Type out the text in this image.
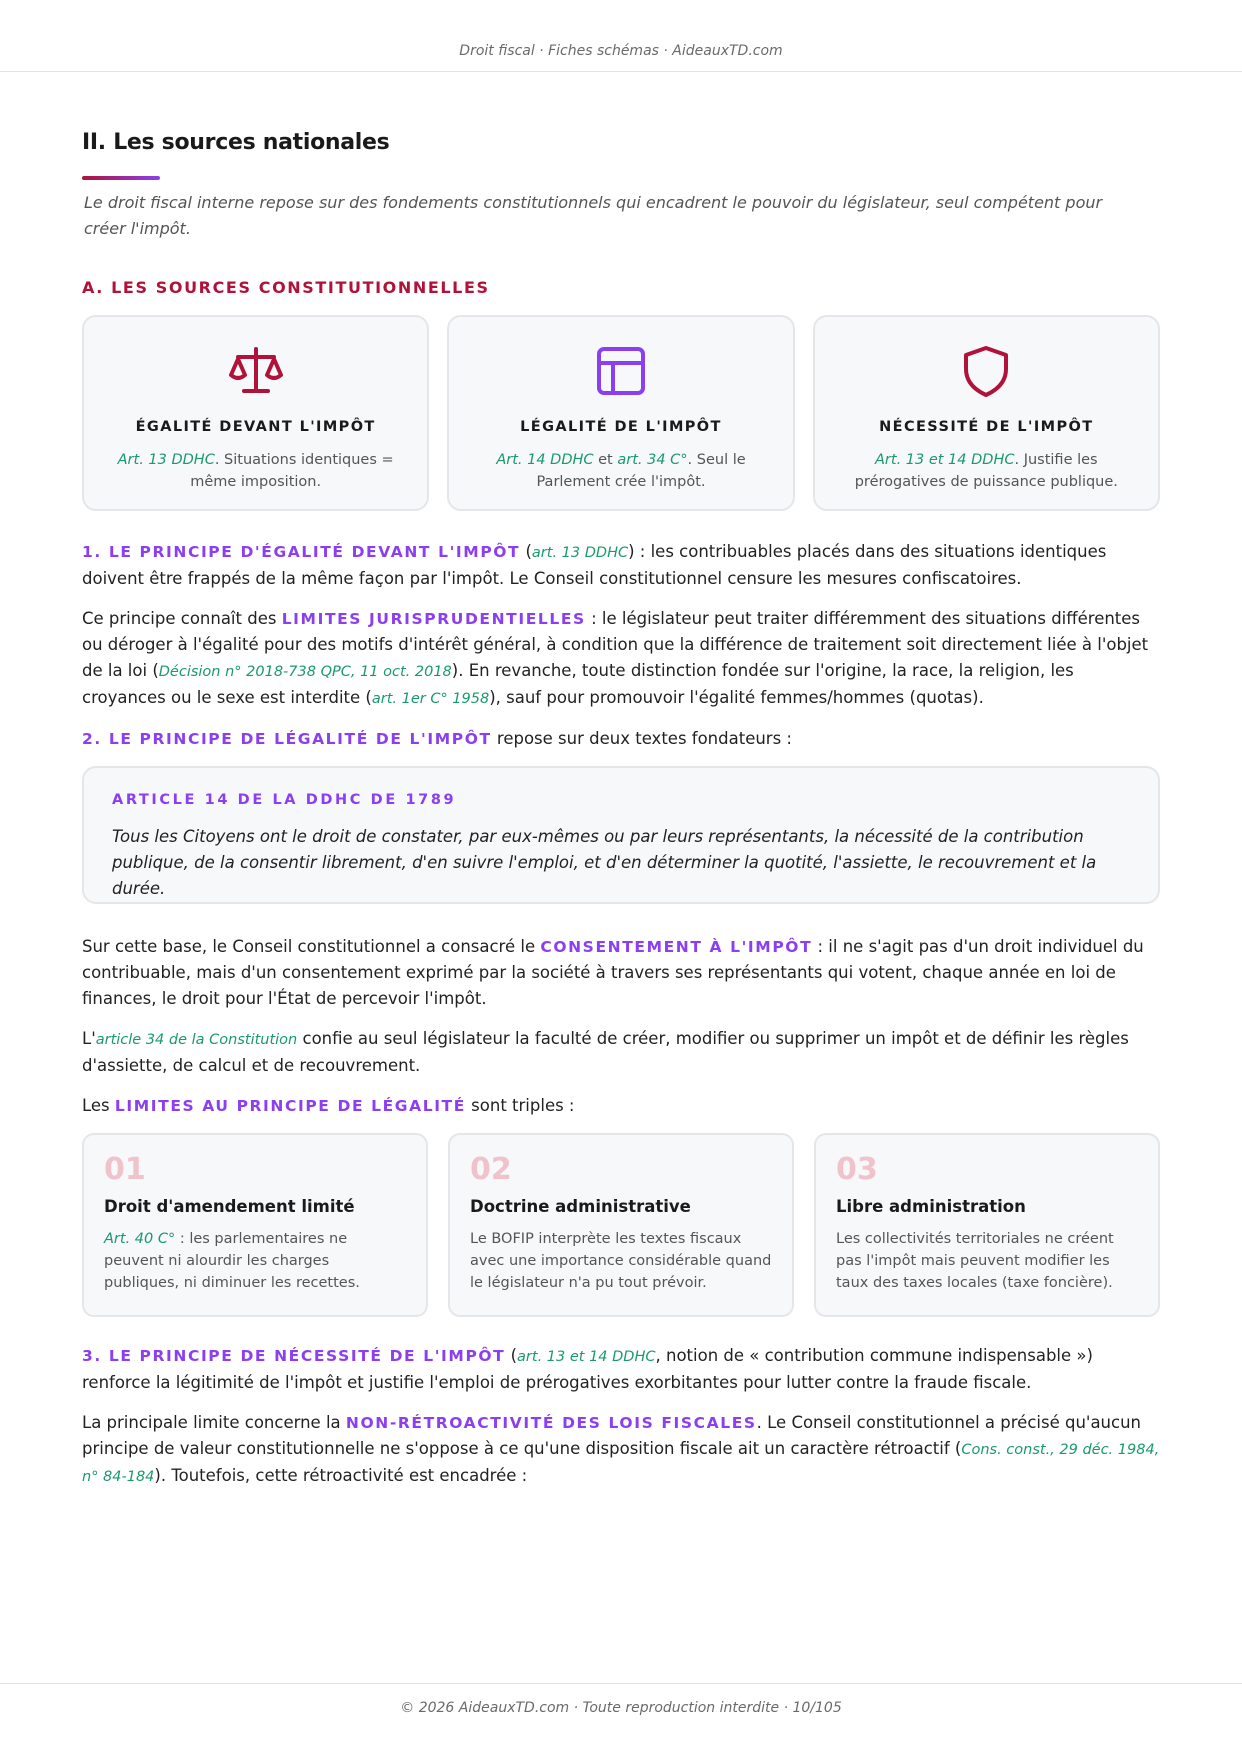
Droit fiscal · Fiches schémas · AideauxTD.com
II. Les sources nationales

Le droit fiscal interne repose sur des fondements constitutionnels qui encadrent le pouvoir du législateur, seul compétent pour créer l'impôt.

A. LES SOURCES CONSTITUTIONNELLES
ÉGALITÉ DEVANT L'IMPÔT
Art. 13 DDHC. Situations identiques = même imposition.
LÉGALITÉ DE L'IMPÔT
Art. 14 DDHC et art. 34 C°. Seul le Parlement crée l'impôt.
NÉCESSITÉ DE L'IMPÔT
Art. 13 et 14 DDHC. Justifie les prérogatives de puissance publique.

1. LE PRINCIPE D'ÉGALITÉ DEVANT L'IMPÔT (art. 13 DDHC) : les contribuables placés dans des situations identiques doivent être frappés de la même façon par l'impôt. Le Conseil constitutionnel censure les mesures confiscatoires.

Ce principe connaît des LIMITES JURISPRUDENTIELLES : le législateur peut traiter différemment des situations différentes ou déroger à l'égalité pour des motifs d'intérêt général, à condition que la différence de traitement soit directement liée à l'objet de la loi (Décision n° 2018-738 QPC, 11 oct. 2018). En revanche, toute distinction fondée sur l'origine, la race, la religion, les croyances ou le sexe est interdite (art. 1er C° 1958), sauf pour promouvoir l'égalité femmes/hommes (quotas).

2. LE PRINCIPE DE LÉGALITÉ DE L'IMPÔT repose sur deux textes fondateurs :

ARTICLE 14 DE LA DDHC DE 1789
Tous les Citoyens ont le droit de constater, par eux-mêmes ou par leurs représentants, la nécessité de la contribution publique, de la consentir librement, d'en suivre l'emploi, et d'en déterminer la quotité, l'assiette, le recouvrement et la durée.

Sur cette base, le Conseil constitutionnel a consacré le CONSENTEMENT À L'IMPÔT : il ne s'agit pas d'un droit individuel du contribuable, mais d'un consentement exprimé par la société à travers ses représentants qui votent, chaque année en loi de finances, le droit pour l'État de percevoir l'impôt.

L'article 34 de la Constitution confie au seul législateur la faculté de créer, modifier ou supprimer un impôt et de définir les règles d'assiette, de calcul et de recouvrement.

Les LIMITES AU PRINCIPE DE LÉGALITÉ sont triples :

01
Droit d'amendement limité
Art. 40 C° : les parlementaires ne peuvent ni alourdir les charges publiques, ni diminuer les recettes.
02
Doctrine administrative
Le BOFIP interprète les textes fiscaux avec une importance considérable quand le législateur n'a pu tout prévoir.
03
Libre administration
Les collectivités territoriales ne créent pas l'impôt mais peuvent modifier les taux des taxes locales (taxe foncière).

3. LE PRINCIPE DE NÉCESSITÉ DE L'IMPÔT (art. 13 et 14 DDHC, notion de « contribution commune indispensable ») renforce la légitimité de l'impôt et justifie l'emploi de prérogatives exorbitantes pour lutter contre la fraude fiscale.

La principale limite concerne la NON-RÉTROACTIVITÉ DES LOIS FISCALES. Le Conseil constitutionnel a précisé qu'aucun principe de valeur constitutionnelle ne s'oppose à ce qu'une disposition fiscale ait un caractère rétroactif (Cons. const., 29 déc. 1984, n° 84-184). Toutefois, cette rétroactivité est encadrée :

© 2026 AideauxTD.com · Toute reproduction interdite · 10/105
